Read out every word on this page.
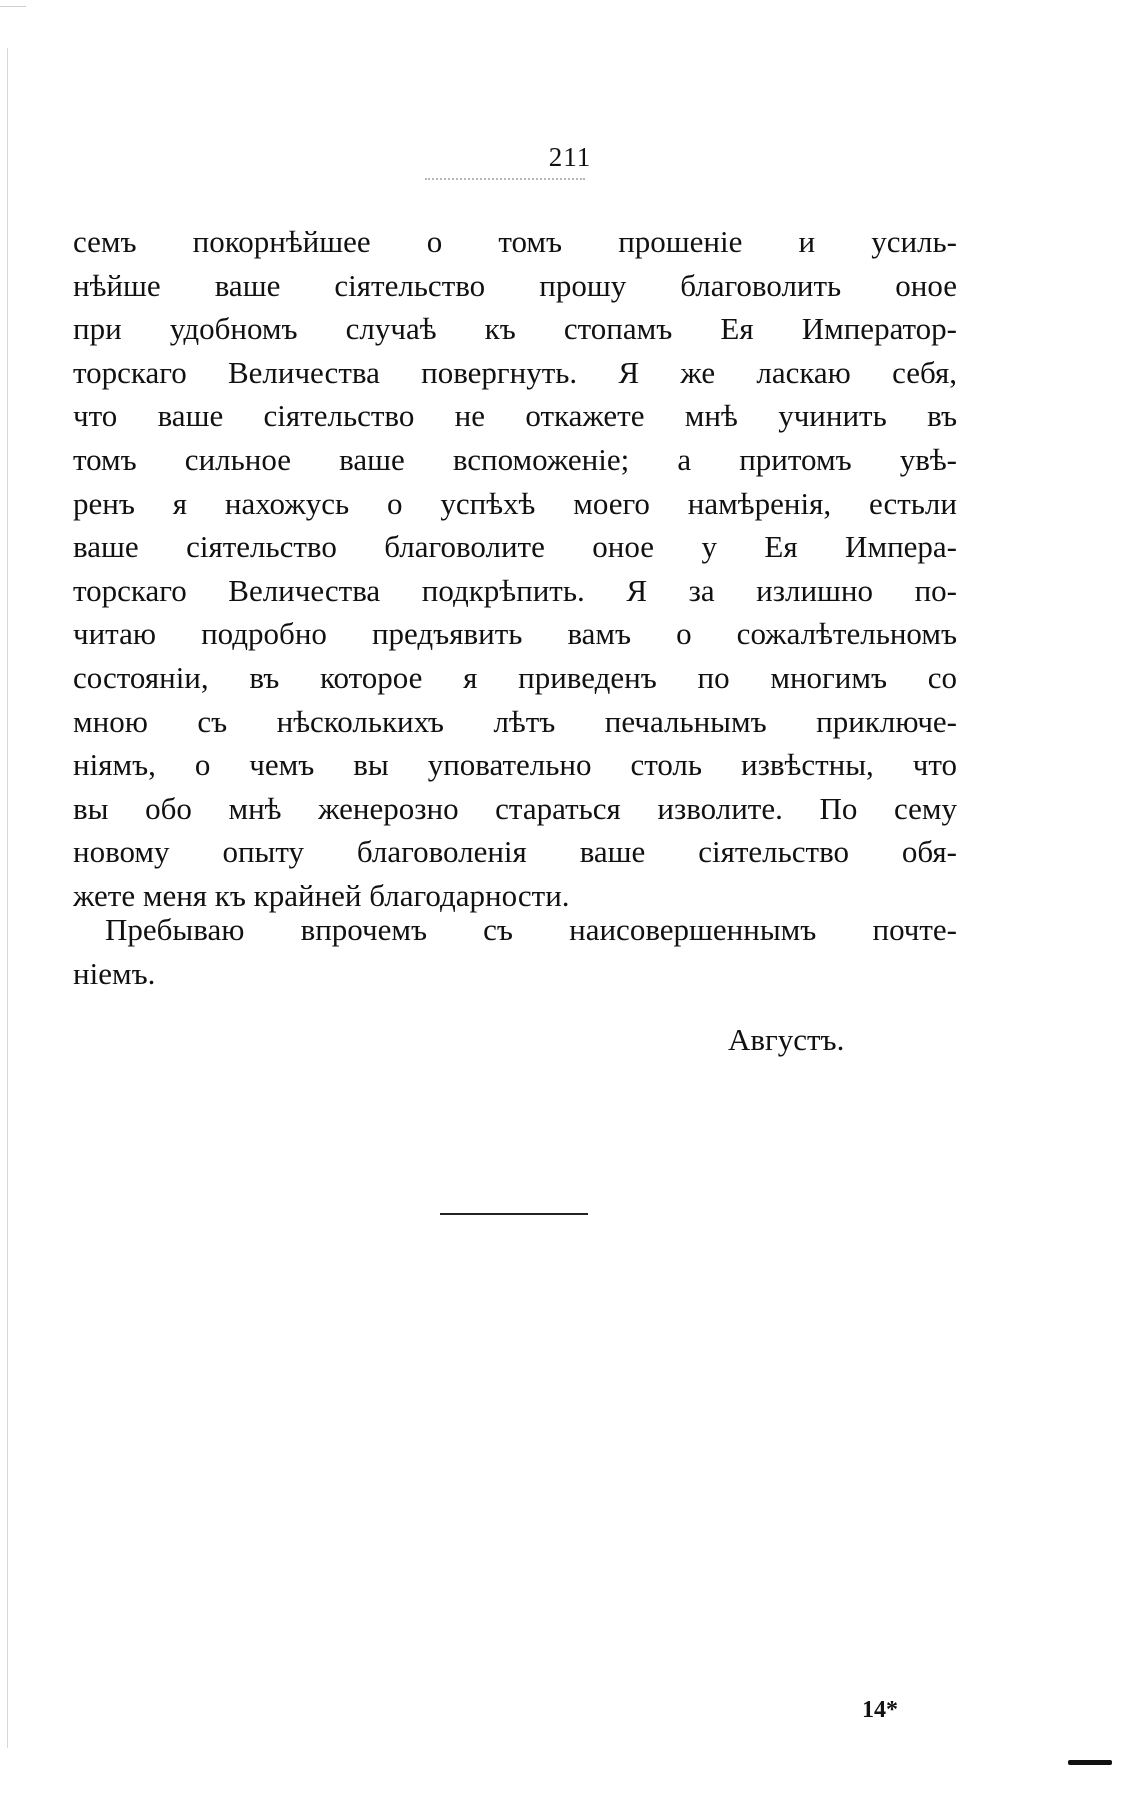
211
семъ покорнѣйшее о томъ прошеніе и усиль-
нѣйше ваше сіятельство прошу благоволить оное
при удобномъ случаѣ къ стопамъ Ея Император-
торскаго Величества повергнуть. Я же ласкаю себя,
что ваше сіятельство не откажете мнѣ учинить въ
томъ сильное ваше вспоможеніе; а притомъ увѣ-
ренъ я нахожусь о успѣхѣ моего намѣренія, естьли
ваше сіятельство благоволите оное у Ея Импера-
торскаго Величества подкрѣпить. Я за излишно по-
читаю подробно предъявить вамъ о сожалѣтельномъ
состояніи, въ которое я приведенъ по многимъ со
мною съ нѣсколькихъ лѣтъ печальнымъ приключе-
ніямъ, о чемъ вы уповательно столь извѣстны, что
вы обо мнѣ женерозно стараться изволите. По сему
новому опыту благоволенія ваше сіятельство обя-
жете меня къ крайней благодарности.
Пребываю впрочемъ съ наисовершеннымъ почте-
ніемъ.
Августъ.
14*
